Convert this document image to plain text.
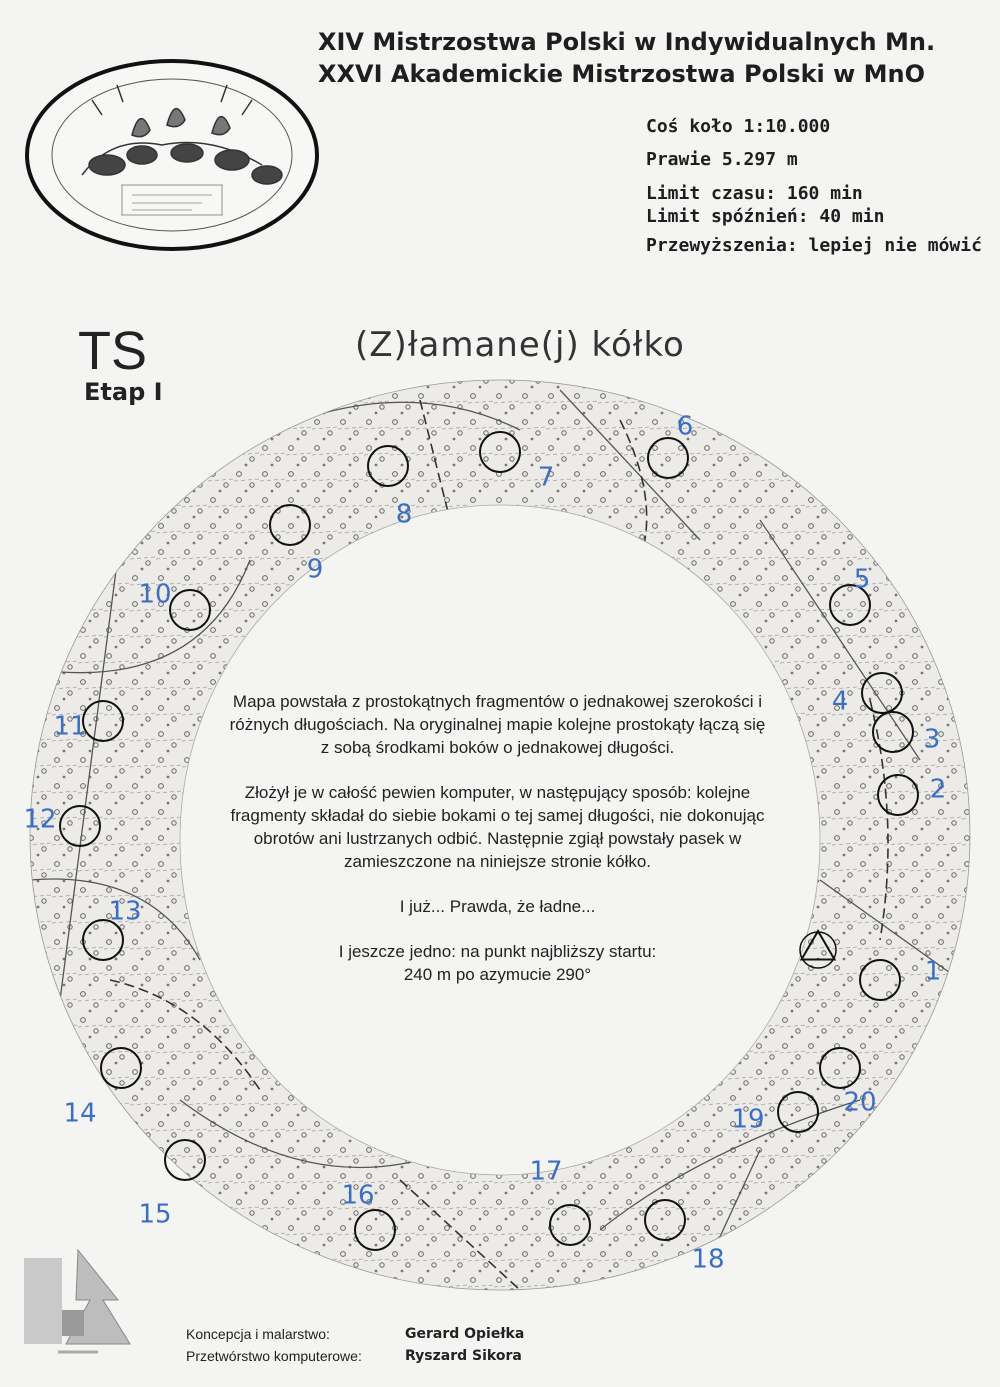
1
2
3
4
5
6
7
8
9
10
11
12
13
14
15
16
17
18
19
20

Mapa powstała z prostokątnych fragmentów o jednakowej szerokości i różnych długościach. Na oryginalnej mapie kolejne prostokąty łączą się z sobą środkami boków o jednakowej długości.

Złożył je w całość pewien komputer, w następujący sposób: kolejne fragmenty składał do siebie bokami o tej samej długości, nie dokonując obrotów ani lustrzanych odbić. Następnie zgiął powstały pasek w zamieszczone na niniejsze stronie kółko.

I już... Prawda, że ładne...

I jeszcze jedno: na punkt najbliższy startu:
240 m po azymucie 290°
Koncepcja i malarstwo:	Gerard Opiełka
Przetwórstwo komputerowe:	Ryszard Sikora
